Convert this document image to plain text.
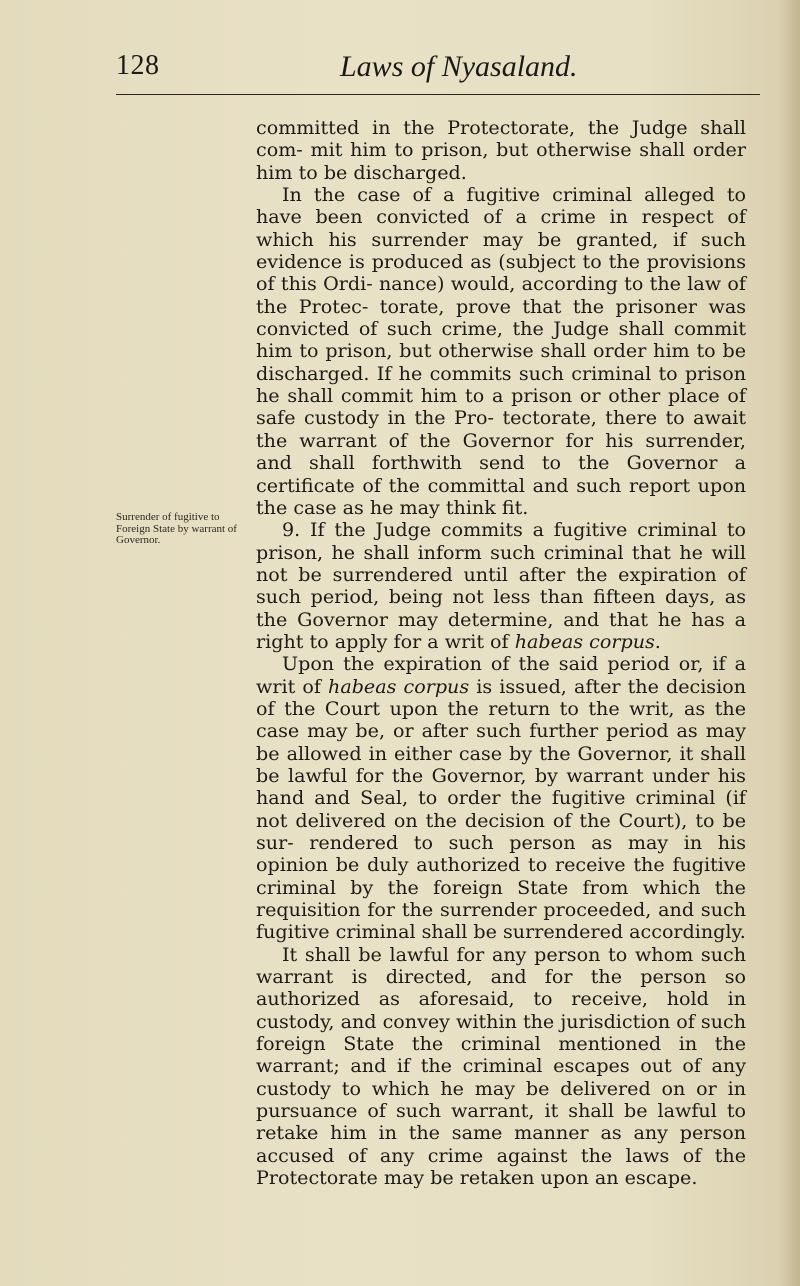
128	Laws of Nyasaland.
Surrender of fugitive to Foreign State by warrant of Governor.

committed in the Protectorate, the Judge shall com- mit him to prison, but otherwise shall order him to be discharged.

In the case of a fugitive criminal alleged to have been convicted of a crime in respect of which his surrender may be granted, if such evidence is produced as (subject to the provisions of this Ordi- nance) would, according to the law of the Protec- torate, prove that the prisoner was convicted of such crime, the Judge shall commit him to prison, but otherwise shall order him to be discharged. If he commits such criminal to prison he shall commit him to a prison or other place of safe custody in the Pro- tectorate, there to await the warrant of the Governor for his surrender, and shall forthwith send to the Governor a certificate of the committal and such report upon the case as he may think fit.

9. If the Judge commits a fugitive criminal to prison, he shall inform such criminal that he will not be surrendered until after the expiration of such period, being not less than fifteen days, as the Governor may determine, and that he has a right to apply for a writ of habeas corpus.

Upon the expiration of the said period or, if a writ of habeas corpus is issued, after the decision of the Court upon the return to the writ, as the case may be, or after such further period as may be allowed in either case by the Governor, it shall be lawful for the Governor, by warrant under his hand and Seal, to order the fugitive criminal (if not delivered on the decision of the Court), to be sur- rendered to such person as may in his opinion be duly authorized to receive the fugitive criminal by the foreign State from which the requisition for the surrender proceeded, and such fugitive criminal shall be surrendered accordingly.

It shall be lawful for any person to whom such warrant is directed, and for the person so authorized as aforesaid, to receive, hold in custody, and convey within the jurisdiction of such foreign State the criminal mentioned in the warrant; and if the criminal escapes out of any custody to which he may be delivered on or in pursuance of such warrant, it shall be lawful to retake him in the same manner as any person accused of any crime against the laws of the Protectorate may be retaken upon an escape.
